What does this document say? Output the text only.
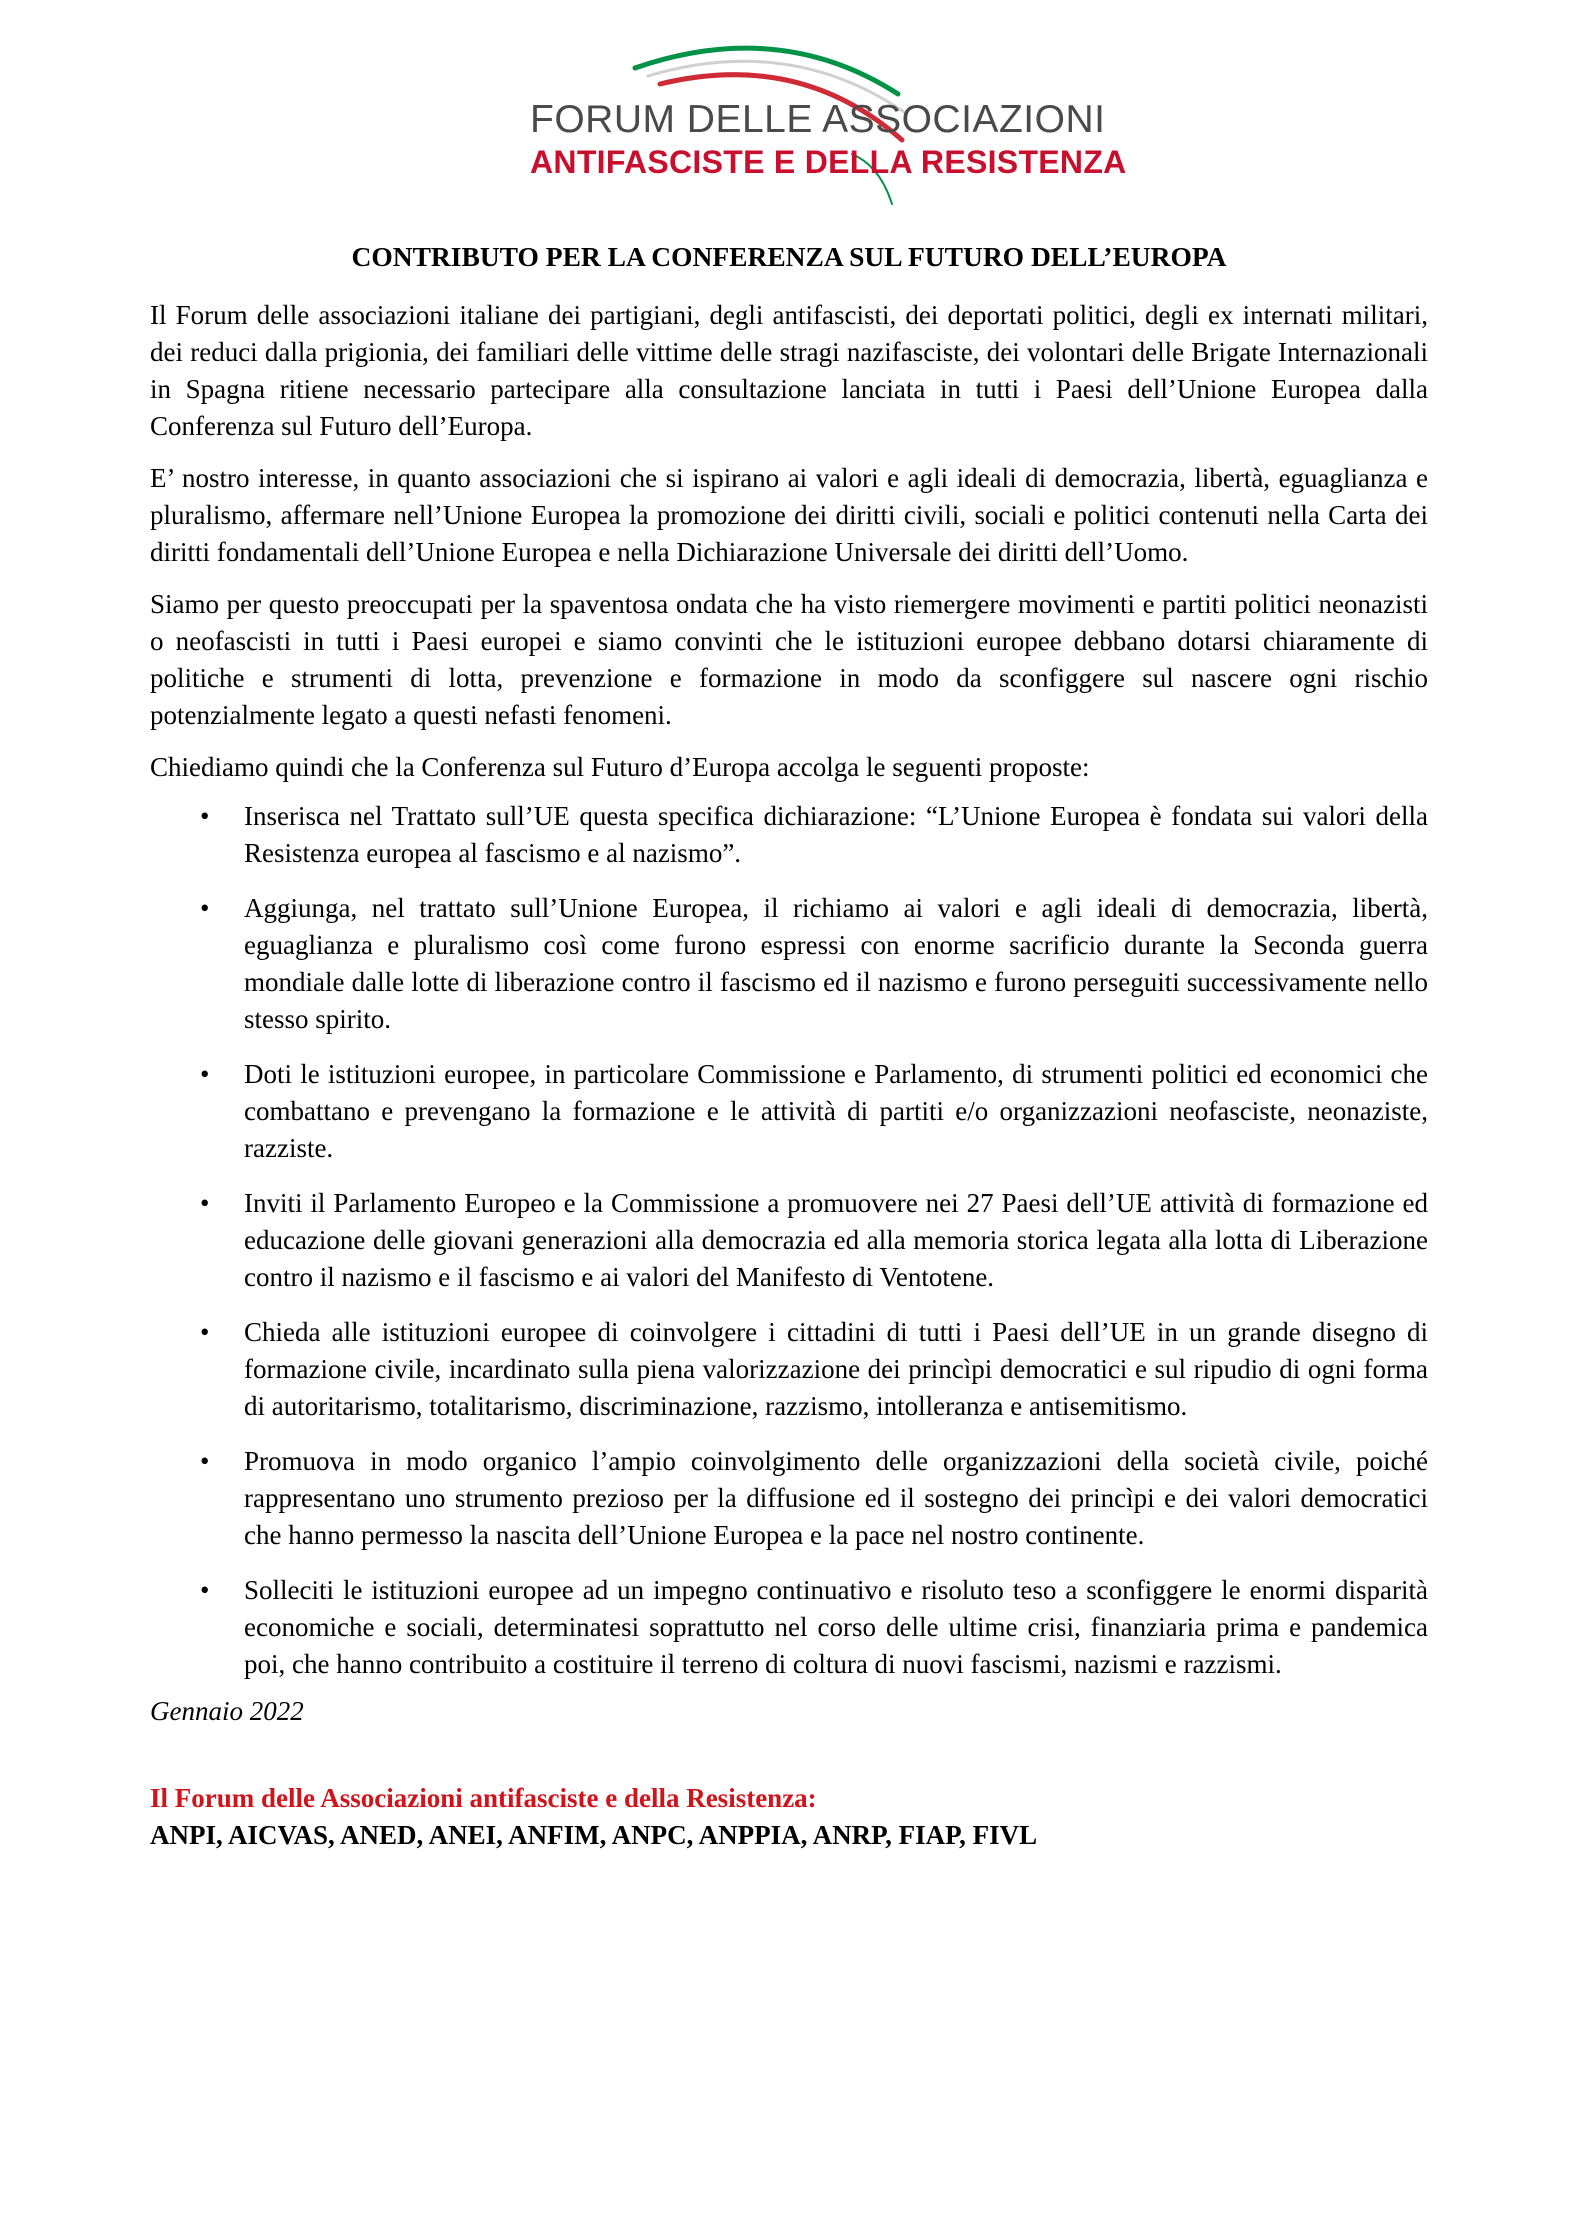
FORUM DELLE ASSOCIAZIONI
ANTIFASCISTE E DELLA RESISTENZA
CONTRIBUTO PER LA CONFERENZA SUL FUTURO DELL’EUROPA

Il Forum delle associazioni italiane dei partigiani, degli antifascisti, dei deportati politici, degli ex internati militari, dei reduci dalla prigionia, dei familiari delle vittime delle stragi nazifasciste, dei volontari delle Brigate Internazionali in Spagna ritiene necessario partecipare alla consultazione lanciata in tutti i Paesi dell’Unione Europea dalla Conferenza sul Futuro dell’Europa.

E’ nostro interesse, in quanto associazioni che si ispirano ai valori e agli ideali di democrazia, libertà, eguaglianza e pluralismo, affermare nell’Unione Europea la promozione dei diritti civili, sociali e politici contenuti nella Carta dei diritti fondamentali dell’Unione Europea e nella Dichiarazione Universale dei diritti dell’Uomo.

Siamo per questo preoccupati per la spaventosa ondata che ha visto riemergere movimenti e partiti politici neonazisti o neofascisti in tutti i Paesi europei e siamo convinti che le istituzioni europee debbano dotarsi chiaramente di politiche e strumenti di lotta, prevenzione e formazione in modo da sconfiggere sul nascere ogni rischio potenzialmente legato a questi nefasti fenomeni.

Chiediamo quindi che la Conferenza sul Futuro d’Europa accolga le seguenti proposte:

• Inserisca nel Trattato sull’UE questa specifica dichiarazione: “L’Unione Europea è fondata sui valori della Resistenza europea al fascismo e al nazismo”.
• Aggiunga, nel trattato sull’Unione Europea, il richiamo ai valori e agli ideali di democrazia, libertà, eguaglianza e pluralismo così come furono espressi con enorme sacrificio durante la Seconda guerra mondiale dalle lotte di liberazione contro il fascismo ed il nazismo e furono perseguiti successivamente nello stesso spirito.
• Doti le istituzioni europee, in particolare Commissione e Parlamento, di strumenti politici ed economici che combattano e prevengano la formazione e le attività di partiti e/o organizzazioni neofasciste, neonaziste, razziste.
• Inviti il Parlamento Europeo e la Commissione a promuovere nei 27 Paesi dell’UE attività di formazione ed educazione delle giovani generazioni alla democrazia ed alla memoria storica legata alla lotta di Liberazione contro il nazismo e il fascismo e ai valori del Manifesto di Ventotene.
• Chieda alle istituzioni europee di coinvolgere i cittadini di tutti i Paesi dell’UE in un grande disegno di formazione civile, incardinato sulla piena valorizzazione dei princìpi democratici e sul ripudio di ogni forma di autoritarismo, totalitarismo, discriminazione, razzismo, intolleranza e antisemitismo.
• Promuova in modo organico l’ampio coinvolgimento delle organizzazioni della società civile, poiché rappresentano uno strumento prezioso per la diffusione ed il sostegno dei princìpi e dei valori democratici che hanno permesso la nascita dell’Unione Europea e la pace nel nostro continente.
• Solleciti le istituzioni europee ad un impegno continuativo e risoluto teso a sconfiggere le enormi disparità economiche e sociali, determinatesi soprattutto nel corso delle ultime crisi, finanziaria prima e pandemica poi, che hanno contribuito a costituire il terreno di coltura di nuovi fascismi, nazismi e razzismi.

Gennaio 2022

Il Forum delle Associazioni antifasciste e della Resistenza:

ANPI, AICVAS, ANED, ANEI, ANFIM, ANPC, ANPPIA, ANRP, FIAP, FIVL
